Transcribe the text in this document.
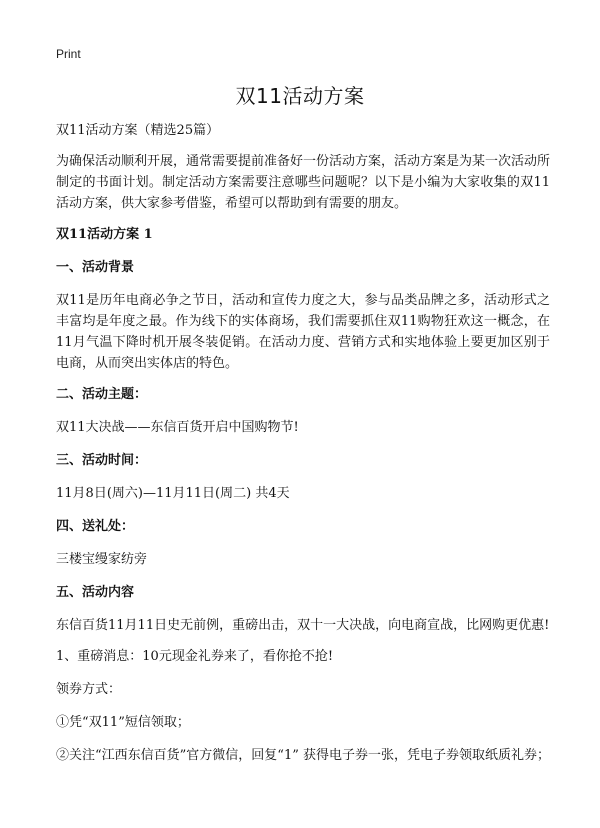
Print
双11活动方案

双11活动方案（精选25篇）

为确保活动顺利开展，通常需要提前准备好一份活动方案，活动方案是为某一次活动所制定的书面计划。制定活动方案需要注意哪些问题呢？以下是小编为大家收集的双11活动方案，供大家参考借鉴，希望可以帮助到有需要的朋友。

双11活动方案 1

一、活动背景

双11是历年电商必争之节日，活动和宣传力度之大，参与品类品牌之多，活动形式之丰富均是年度之最。作为线下的实体商场，我们需要抓住双11购物狂欢这一概念，在11月气温下降时机开展冬装促销。在活动力度、营销方式和实地体验上要更加区别于电商，从而突出实体店的特色。

二、活动主题：

双11大决战——东信百货开启中国购物节!

三、活动时间：

11月8日(周六)—11月11日(周二) 共4天

四、送礼处：

三楼宝缦家纺旁

五、活动内容

东信百货11月11日史无前例，重磅出击，双十一大决战，向电商宣战，比网购更优惠!

1、重磅消息：10元现金礼券来了，看你抢不抢!

领券方式：

①凭“双11”短信领取；

②关注“江西东信百货”官方微信，回复“1” 获得电子券一张，凭电子券领取纸质礼券；
